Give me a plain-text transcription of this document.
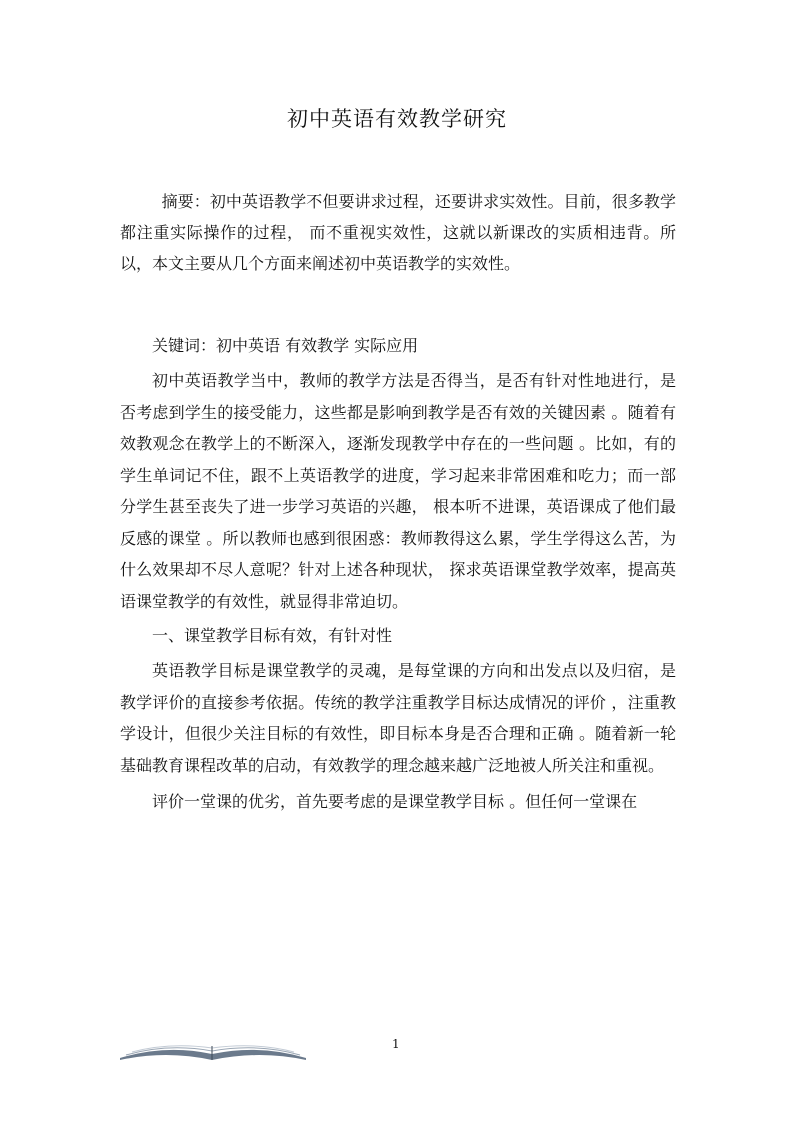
初中英语有效教学研究

摘要：初中英语教学不但要讲求过程，还要讲求实效性。目前，很多教学都注重实际操作的过程， 而不重视实效性，这就以新课改的实质相违背。所以，本文主要从几个方面来阐述初中英语教学的实效性。

关键词：初中英语 有效教学 实际应用

初中英语教学当中，教师的教学方法是否得当，是否有针对性地进行，是否考虑到学生的接受能力，这些都是影响到教学是否有效的关键因素 。随着有效教观念在教学上的不断深入，逐渐发现教学中存在的一些问题 。比如，有的学生单词记不住，跟不上英语教学的进度，学习起来非常困难和吃力；而一部分学生甚至丧失了进一步学习英语的兴趣， 根本听不进课，英语课成了他们最反感的课堂 。所以教师也感到很困惑：教师教得这么累，学生学得这么苦，为什么效果却不尽人意呢？针对上述各种现状， 探求英语课堂教学效率，提高英语课堂教学的有效性，就显得非常迫切。

一、课堂教学目标有效，有针对性

英语教学目标是课堂教学的灵魂，是每堂课的方向和出发点以及归宿，是教学评价的直接参考依据。传统的教学注重教学目标达成情况的评价 ，注重教学设计，但很少关注目标的有效性，即目标本身是否合理和正确 。随着新一轮基础教育课程改革的启动，有效教学的理念越来越广泛地被人所关注和重视。

评价一堂课的优劣，首先要考虑的是课堂教学目标 。但任何一堂课在

1
